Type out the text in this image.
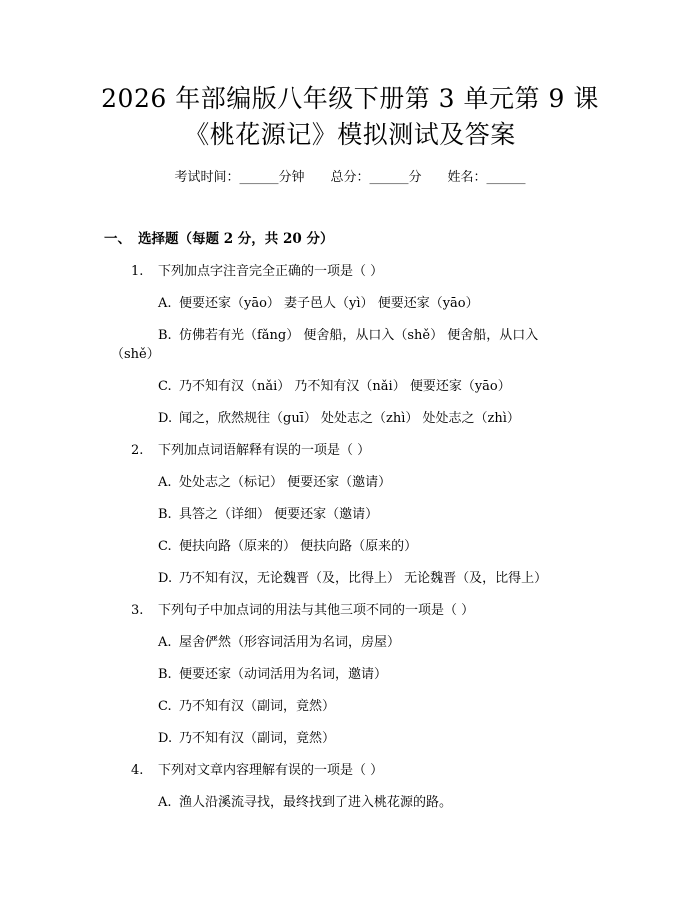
2026 年部编版八年级下册第 3 单元第 9 课
《桃花源记》模拟测试及答案
考试时间：______分钟 总分：______分 姓名：______
一、 选择题（每题 2 分，共 20 分）
1. 下列加点字注音完全正确的一项是（ ）
A. 便要还家（yāo） 妻子邑人（yì） 便要还家（yāo）
B. 仿佛若有光（fǎng） 便舍船，从口入（shě） 便舍船，从口入
（shě）
C. 乃不知有汉（nǎi） 乃不知有汉（nǎi） 便要还家（yāo）
D. 闻之，欣然规往（guī） 处处志之（zhì） 处处志之（zhì）
2. 下列加点词语解释有误的一项是（ ）
A. 处处志之（标记） 便要还家（邀请）
B. 具答之（详细） 便要还家（邀请）
C. 便扶向路（原来的） 便扶向路（原来的）
D. 乃不知有汉，无论魏晋（及，比得上） 无论魏晋（及，比得上）
3. 下列句子中加点词的用法与其他三项不同的一项是（ ）
A. 屋舍俨然（形容词活用为名词，房屋）
B. 便要还家（动词活用为名词，邀请）
C. 乃不知有汉（副词，竟然）
D. 乃不知有汉（副词，竟然）
4. 下列对文章内容理解有误的一项是（ ）
A. 渔人沿溪流寻找，最终找到了进入桃花源的路。
